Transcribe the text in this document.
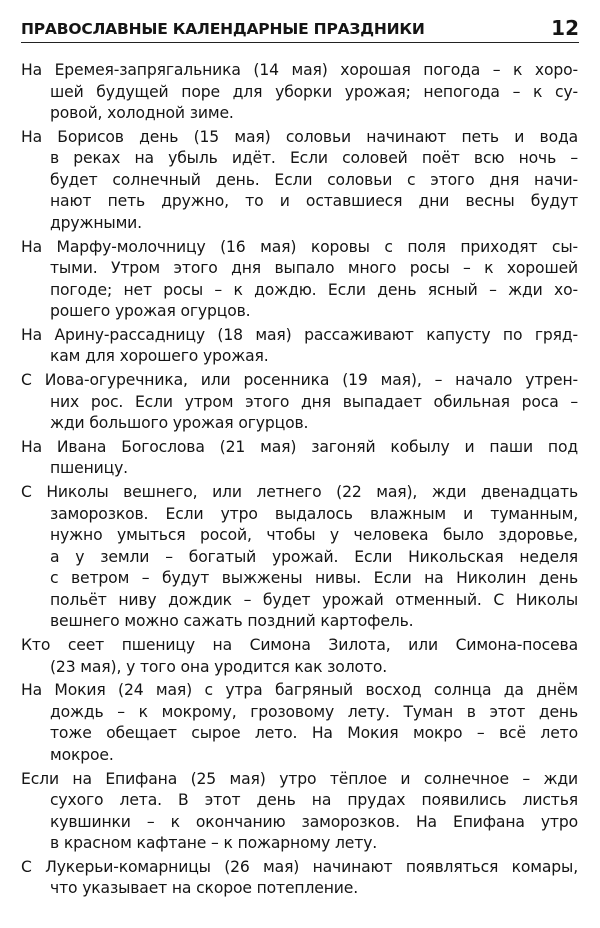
ПРАВОСЛАВНЫЕ КАЛЕНДАРНЫЕ ПРАЗДНИКИ	12
На Еремея-запрягальника (14 мая) хорошая погода – к хоро-
шей будущей поре для уборки урожая; непогода – к су-
ровой, холодной зиме.
На Борисов день (15 мая) соловьи начинают петь и вода
в реках на убыль идёт. Если соловей поёт всю ночь –
будет солнечный день. Если соловьи с этого дня начи-
нают петь дружно, то и оставшиеся дни весны будут
дружными.
На Марфу-молочницу (16 мая) коровы с поля приходят сы-
тыми. Утром этого дня выпало много росы – к хорошей
погоде; нет росы – к дождю. Если день ясный – жди хо-
рошего урожая огурцов.
На Арину-рассадницу (18 мая) рассаживают капусту по гряд-
кам для хорошего урожая.
С Иова-огуречника, или росенника (19 мая), – начало утрен-
них рос. Если утром этого дня выпадает обильная роса –
жди большого урожая огурцов.
На Ивана Богослова (21 мая) загоняй кобылу и паши под
пшеницу.
С Николы вешнего, или летнего (22 мая), жди двенадцать
заморозков. Если утро выдалось влажным и туманным,
нужно умыться росой, чтобы у человека было здоровье,
а у земли – богатый урожай. Если Никольская неделя
с ветром – будут выжжены нивы. Если на Николин день
польёт ниву дождик – будет урожай отменный. С Николы
вешнего можно сажать поздний картофель.
Кто сеет пшеницу на Симона Зилота, или Симона-посева
(23 мая), у того она уродится как золото.
На Мокия (24 мая) с утра багряный восход солнца да днём
дождь – к мокрому, грозовому лету. Туман в этот день
тоже обещает сырое лето. На Мокия мокро – всё лето
мокрое.
Если на Епифана (25 мая) утро тёплое и солнечное – жди
сухого лета. В этот день на прудах появились листья
кувшинки – к окончанию заморозков. На Епифана утро
в красном кафтане – к пожарному лету.
С Лукерьи-комарницы (26 мая) начинают появляться комары,
что указывает на скорое потепление.
